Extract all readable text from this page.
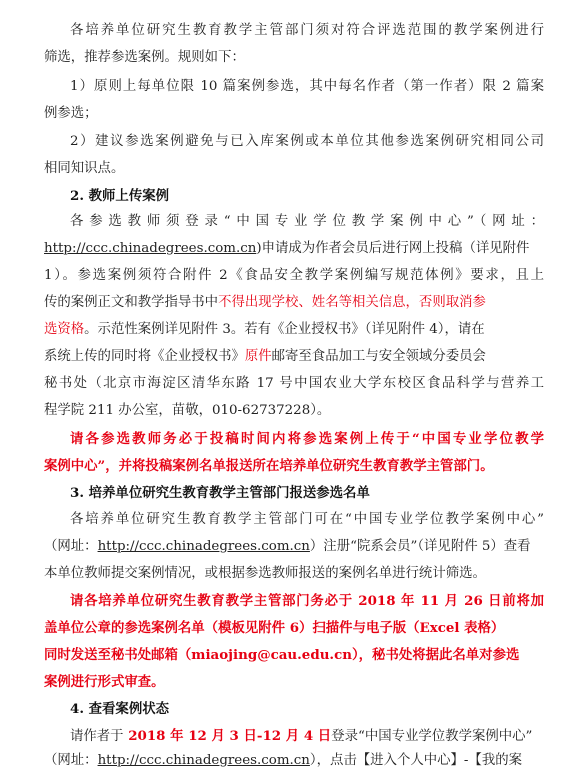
各培养单位研究生教育教学主管部门须对符合评选范围的教学案例进行
筛选，推荐参选案例。规则如下：
1）原则上每单位限 10 篇案例参选，其中每名作者（第一作者）限 2 篇案
例参选；
2）建议参选案例避免与已入库案例或本单位其他参选案例研究相同公司
相同知识点。
2. 教师上传案例
各参选教师须登录“中国专业学位教学案例中心”（网址：
http://ccc.chinadegrees.com.cn)申请成为作者会员后进行网上投稿（详见附件
1）。参选案例须符合附件 2《食品安全教学案例编写规范体例》要求，且上
传的案例正文和教学指导书中不得出现学校、姓名等相关信息，否则取消参
选资格。示范性案例详见附件 3。若有《企业授权书》（详见附件 4），请在
系统上传的同时将《企业授权书》原件邮寄至食品加工与安全领域分委员会
秘书处（北京市海淀区清华东路 17 号中国农业大学东校区食品科学与营养工
程学院 211 办公室，苗敬，010-62737228）。
请各参选教师务必于投稿时间内将参选案例上传于“中国专业学位教学
案例中心”，并将投稿案例名单报送所在培养单位研究生教育教学主管部门。
3. 培养单位研究生教育教学主管部门报送参选名单
各培养单位研究生教育教学主管部门可在“中国专业学位教学案例中心”
（网址：http://ccc.chinadegrees.com.cn）注册“院系会员”（详见附件 5）查看
本单位教师提交案例情况，或根据参选教师报送的案例名单进行统计筛选。
请各培养单位研究生教育教学主管部门务必于 2018 年 11 月 26 日前将加
盖单位公章的参选案例名单（模板见附件 6）扫描件与电子版（Excel 表格）
同时发送至秘书处邮箱（miaojing@cau.edu.cn），秘书处将据此名单对参选
案例进行形式审查。
4. 查看案例状态
请作者于 2018 年 12 月 3 日-12 月 4 日登录“中国专业学位教学案例中心”
（网址：http://ccc.chinadegrees.com.cn），点击【进入个人中心】-【我的案
